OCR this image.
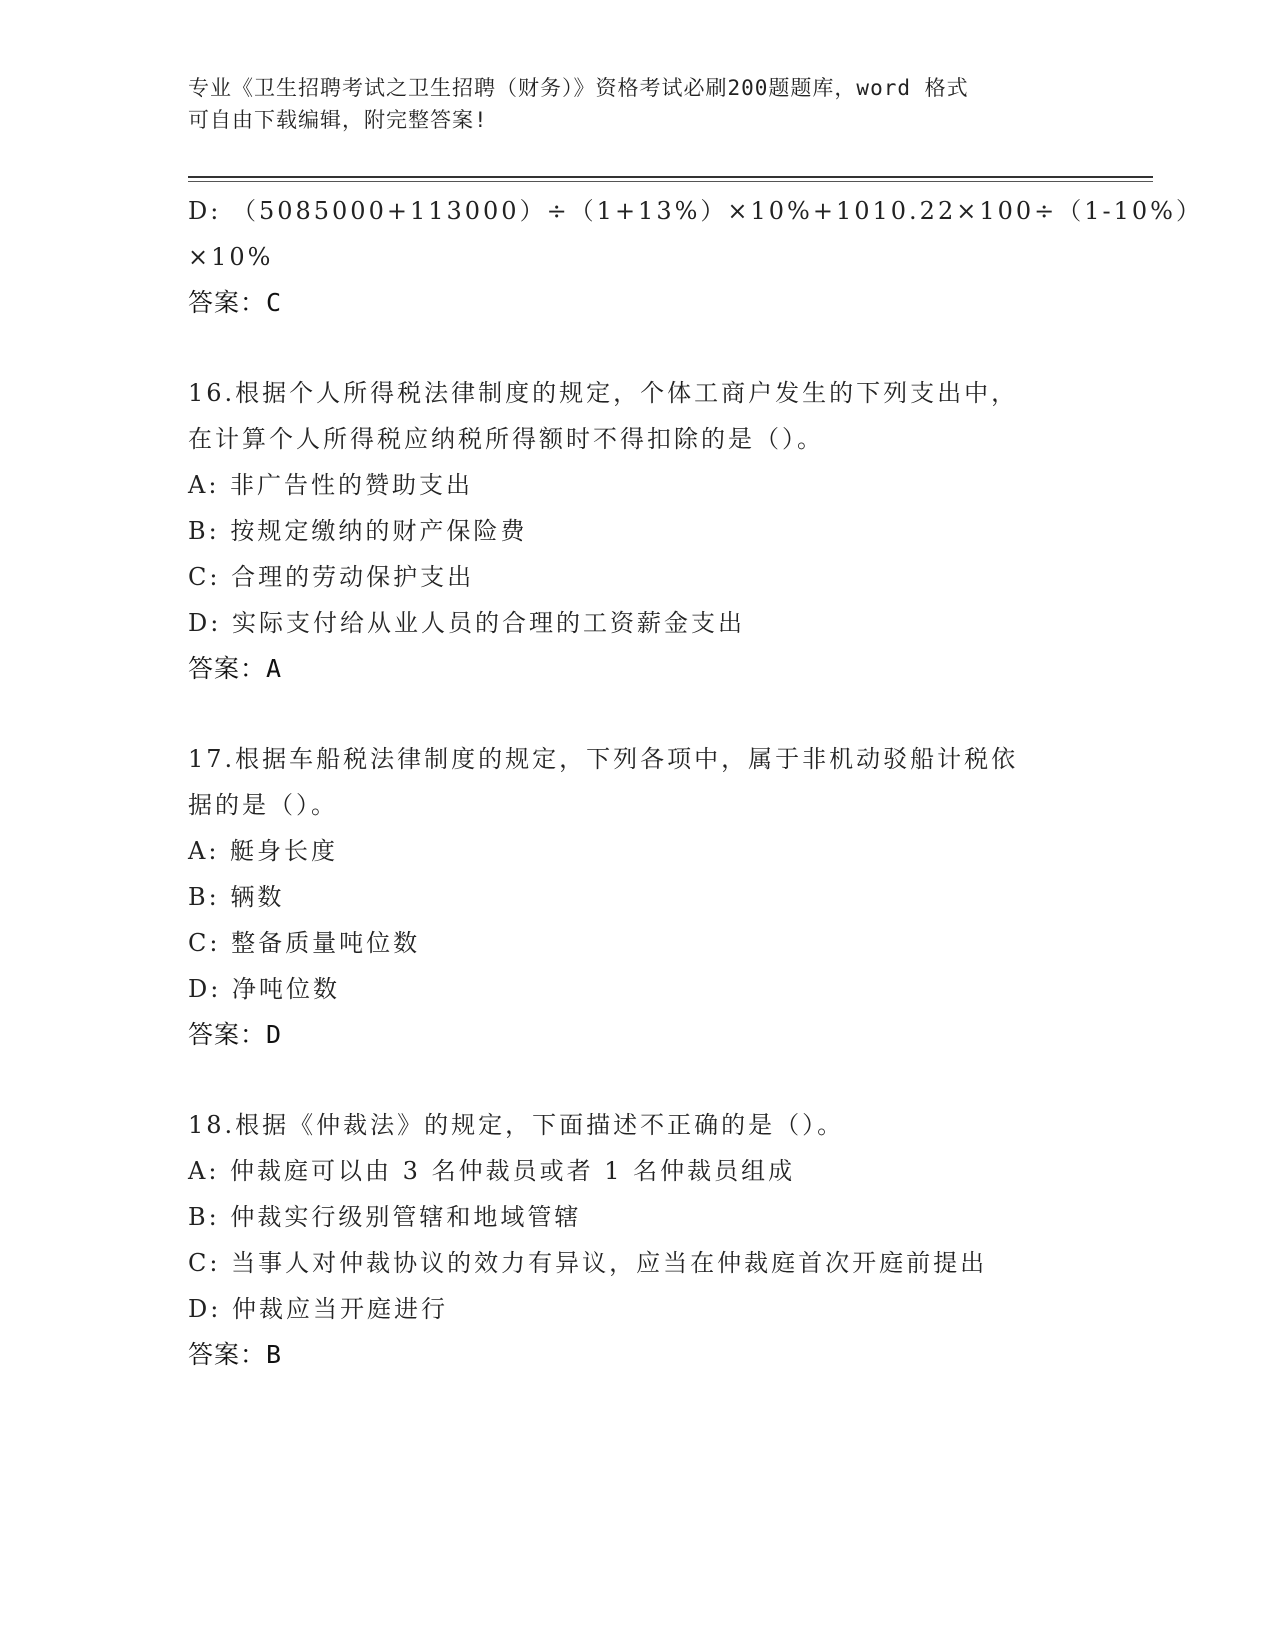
专业《卫生招聘考试之卫生招聘（财务）》资格考试必刷200题题库，word 格式
可自由下载编辑，附完整答案!
D: （5085000+113000）÷（1+13%）×10%+1010.22×100÷（1-10%）
×10%
答案：C
16.根据个人所得税法律制度的规定，个体工商户发生的下列支出中，
在计算个人所得税应纳税所得额时不得扣除的是（）。
A: 非广告性的赞助支出
B: 按规定缴纳的财产保险费
C: 合理的劳动保护支出
D: 实际支付给从业人员的合理的工资薪金支出
答案：A
17.根据车船税法律制度的规定，下列各项中，属于非机动驳船计税依
据的是（）。
A: 艇身长度
B: 辆数
C: 整备质量吨位数
D: 净吨位数
答案：D
18.根据《仲裁法》的规定，下面描述不正确的是（）。
A: 仲裁庭可以由 3 名仲裁员或者 1 名仲裁员组成
B: 仲裁实行级别管辖和地域管辖
C: 当事人对仲裁协议的效力有异议，应当在仲裁庭首次开庭前提出
D: 仲裁应当开庭进行
答案：B
